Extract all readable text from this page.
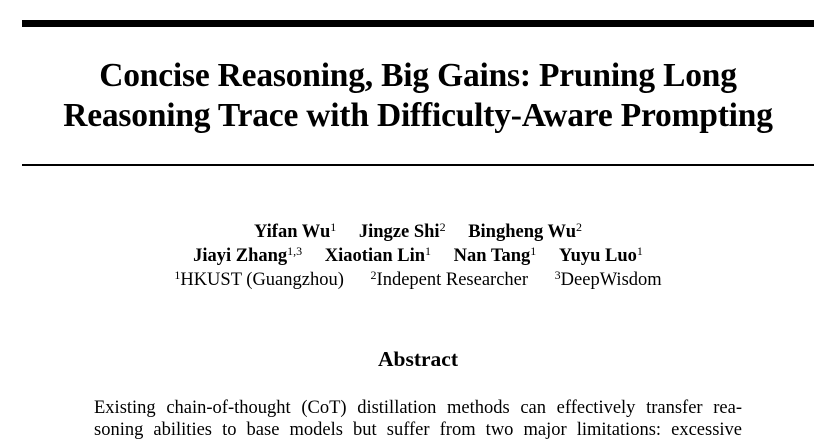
Concise Reasoning, Big Gains: Pruning Long
Reasoning Trace with Difficulty-Aware Prompting
Yifan Wu$^1$ Jingze Shi$^2$ Bingheng Wu$^2$
Jiayi Zhang$^{1,3}$ Xiaotian Lin$^1$ Nan Tang$^1$ Yuyu Luo$^1$
$^1$HKUST (Guangzhou) $^2$Indepent Researcher $^3$DeepWisdom
Abstract
Existing chain-of-thought (CoT) distillation methods can effectively transfer rea-
soning abilities to base models but suffer from two major limitations: excessive
